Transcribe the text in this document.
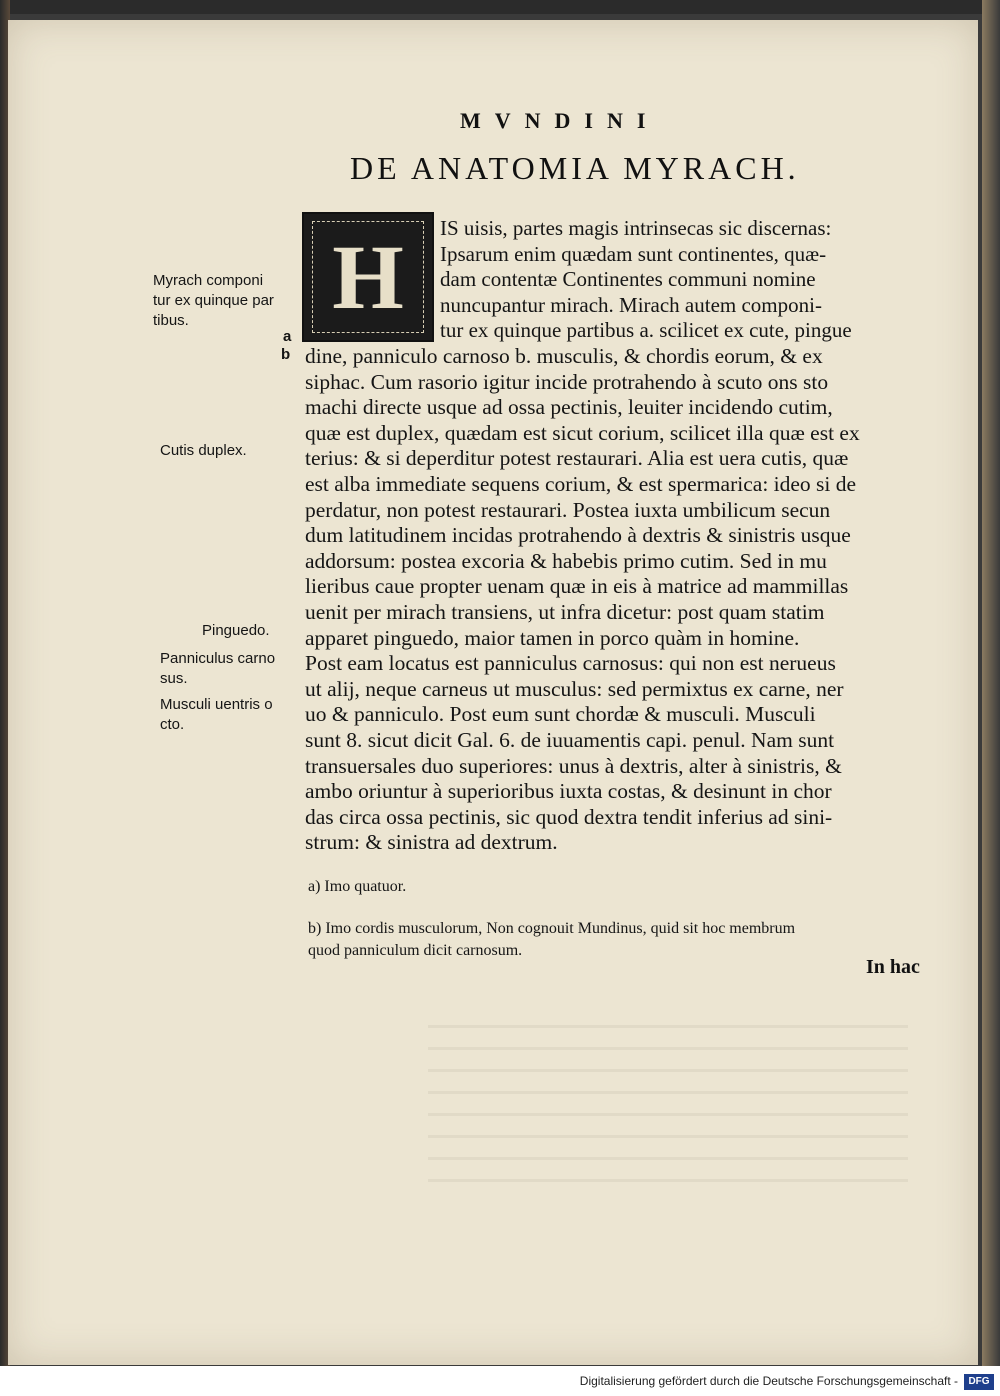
MVNDINI
DE ANATOMIA MYRACH.
H IS uisis, partes magis intrinsecas sic discernas:
Ipsarum enim quædam sunt continentes, quæ-
dam contentæ Continentes communi nomine
nuncupantur mirach. Mirach autem componi-
tur ex quinque partibus a. scilicet ex cute, pingue
dine, panniculo carnoso b. musculis, & chordis eorum, & ex
siphac. Cum rasorio igitur incide protrahendo à scuto ons sto
machi directe usque ad ossa pectinis, leuiter incidendo cutim,
quæ est duplex, quædam est sicut corium, scilicet illa quæ est ex
terius: & si deperditur potest restaurari. Alia est uera cutis, quæ
est alba immediate sequens corium, & est spermarica: ideo si de
perdatur, non potest restaurari. Postea iuxta umbilicum secun
dum latitudinem incidas protrahendo à dextris & sinistris usque
addorsum: postea excoria & habebis primo cutim. Sed in mu
lieribus caue propter uenam quæ in eis à matrice ad mammillas
uenit per mirach transiens, ut infra dicetur: post quam statim
apparet pinguedo, maior tamen in porco quàm in homine.
Post eam locatus est panniculus carnosus: qui non est nerueus
ut alij, neque carneus ut musculus: sed permixtus ex carne, ner
uo & panniculo. Post eum sunt chordæ & musculi. Musculi
sunt 8. sicut dicit Gal. 6. de iuuamentis capi. penul. Nam sunt
transuersales duo superiores: unus à dextris, alter à sinistris, &
ambo oriuntur à superioribus iuxta costas, & desinunt in chor
das circa ossa pectinis, sic quod dextra tendit inferius ad sini-
strum: & sinistra ad dextrum.
Myrach componi
tur ex quinque par
tibus.
a
b
Cutis duplex.
Pinguedo.
Panniculus carno
sus.
Musculi uentris o
cto.
a) Imo quatuor.
b) Imo cordis musculorum, Non cognouit Mundinus, quid sit hoc membrum
quod panniculum dicit carnosum.
In hac
Digitalisierung gefördert durch die Deutsche Forschungsgemeinschaft -	DFG
